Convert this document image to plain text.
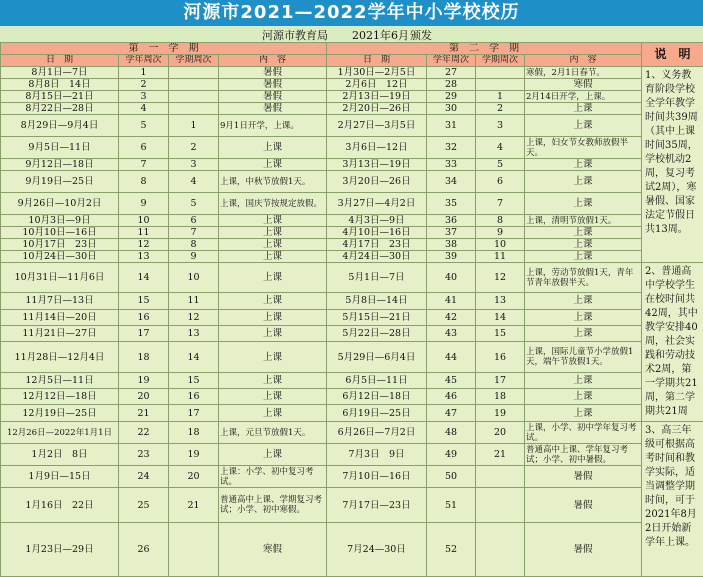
河源市2021—2022学年中小学校校历
河源市教育局 2021年6月 颁发
第　一　学　期				第　二　学　期				说　明
日　期	学年周次	学期周次	内　容	日　期	学年周次	学期周次	内　容	
8月1日—7日	1		暑假	1月30日—2月5日	27		寒假，2月1日春节。	1、义务教育阶段学校全学年教学时间共39周（其中上课时间35周，学校机动2周，复习考试2周），寒暑假、国家法定节假日共13周。
8月8日　14日	2		暑假	2月6日　12日	28		寒假	
8月15日—21日	3		暑假	2月13日—19日	29	1	2月14日开学，上课。	
8月22日—28日	4		暑假	2月20日—26日	30	2	上课	
8月29日—9月4日	5	1	9月1日开学，上课。	2月27日—3月5日	31	3	上课	
9月5日—11日	6	2	上课	3月6日—12日	32	4	上课，妇女节女教师放假半天。	
9月12日—18日	7	3	上课	3月13日—19日	33	5	上课	
9月19日—25日	8	4	上课，中秋节放假1天。	3月20日—26日	34	6	上课	
9月26日—10月2日	9	5	上课，国庆节按规定放假。	3月27日—4月2日	35	7	上课	
10月3日—9日	10	6	上课	4月3日—9日	36	8	上课，清明节放假1天。	
10月10日—16日	11	7	上课	4月10日—16日	37	9	上课	
10月17日　23日	12	8	上课	4月17日　23日	38	10	上课	
10月24日—30日	13	9	上课	4月24日—30日	39	11	上课	
10月31日—11月6日	14	10	上课	5月1日—7日	40	12	上课，劳动节放假1天，青年节青年放假半天。	2、普通高中学校学生在校时间共42周，其中教学安排40周，社会实践和劳动技术2周，第一学期共21周，第二学期共21周
11月7日—13日	15	11	上课	5月8日—14日	41	13	上课	
11月14日—20日	16	12	上课	5月15日—21日	42	14	上课	
11月21日—27日	17	13	上课	5月22日—28日	43	15	上课	
11月28日—12月4日	18	14	上课	5月29日—6月4日	44	16	上课，国际儿童节小学放假1天，端午节放假1天。	
12月5日—11日	19	15	上课	6月5日—11日	45	17	上课	
12月12日—18日	20	16	上课	6月12日—18日	46	18	上课	
12月19日—25日	21	17	上课	6月19日—25日	47	19	上课	
12月26日—2022年1月1日	22	18	上课，元旦节放假1天。	6月26日—7月2日	48	20	上课，小学、初中学年复习考试。	3、高三年级可根据高考时间和教学实际，适当调整学期时间，可于2021年8月2日开始新学年上课。
1月2日　8日	23	19	上课	7月3日　9日	49	21	普通高中上课、学年复习考试；小学、初中暑假。	
1月9日—15日	24	20	上课：小学、初中复习考试。	7月10日—16日	50		暑假	
1月16日　22日	25	21	普通高中上课、学期复习考试；小学、初中寒假。	7月17日—23日	51		暑假	
1月23日—29日	26		寒假	7月24—30日	52		暑假	
